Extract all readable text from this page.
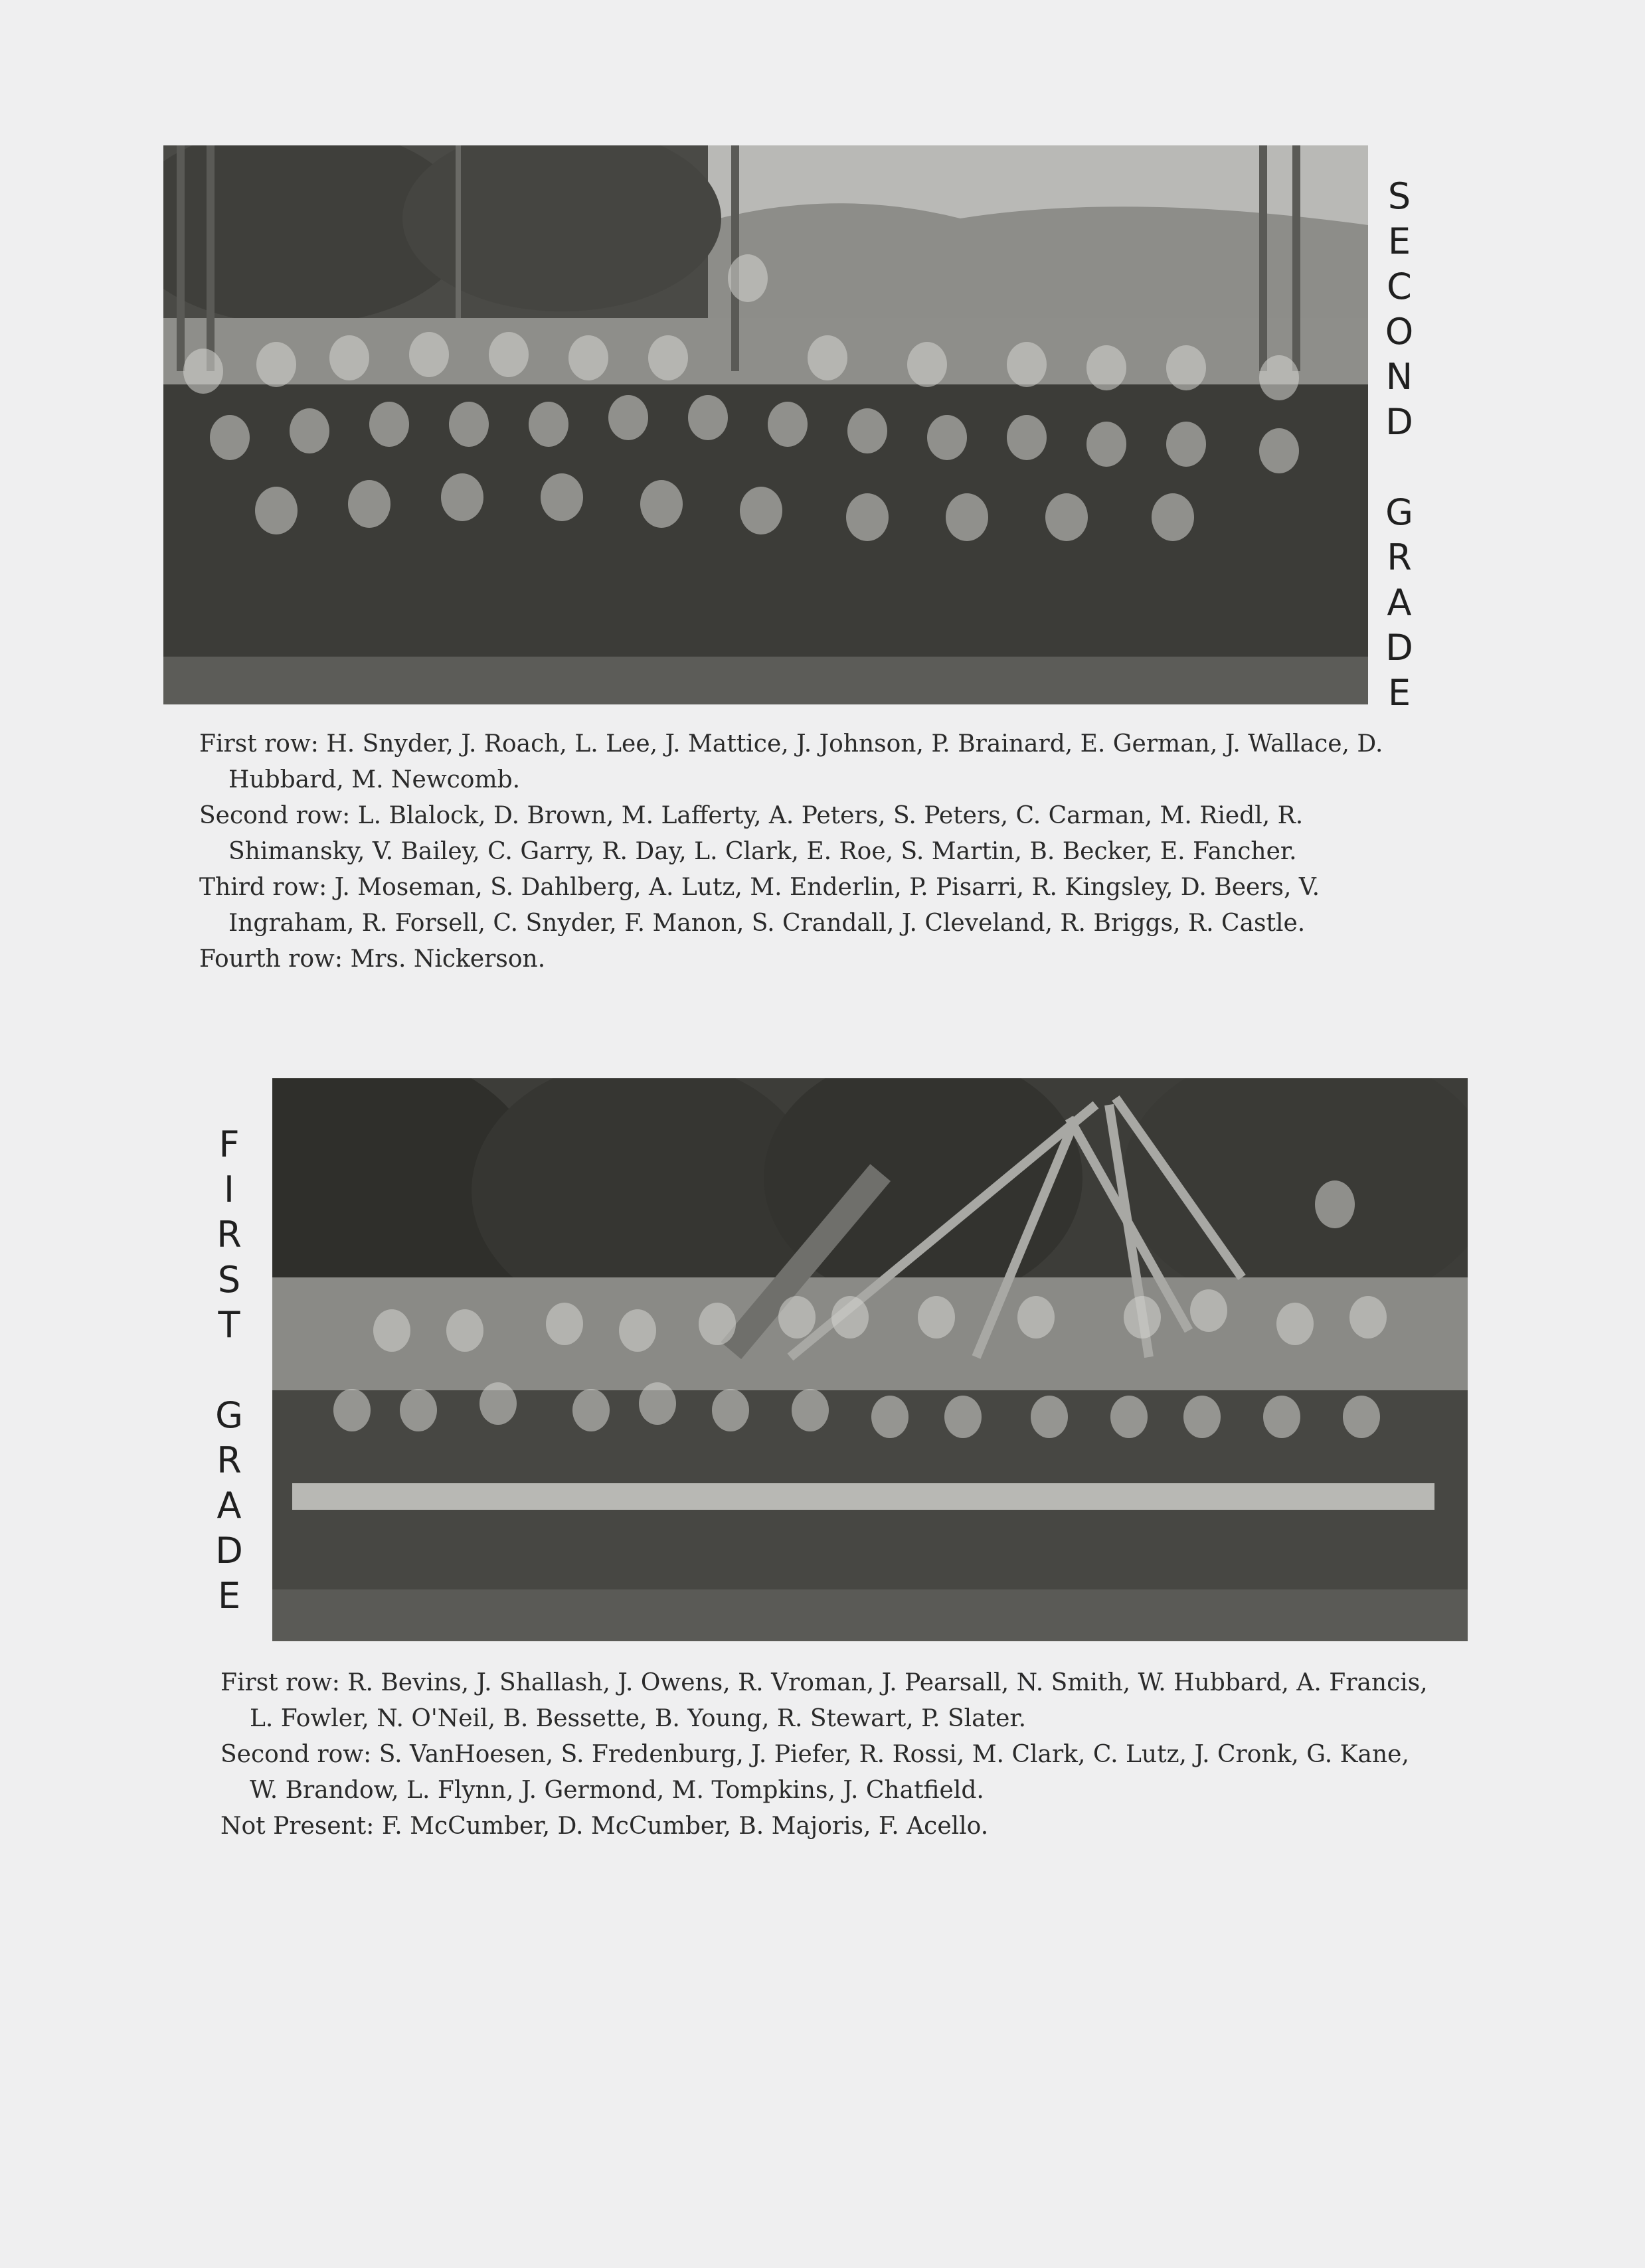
S
E
C
O
N
D
G
R
A
D
E
First row: H. Snyder, J. Roach, L. Lee, J. Mattice, J. Johnson, P. Brainard, E. German, J. Wallace, D. Hubbard, M. Newcomb.
Second row: L. Blalock, D. Brown, M. Lafferty, A. Peters, S. Peters, C. Carman, M. Riedl, R. Shimansky, V. Bailey, C. Garry, R. Day, L. Clark, E. Roe, S. Martin, B. Becker, E. Fancher.
Third row: J. Moseman, S. Dahlberg, A. Lutz, M. Enderlin, P. Pisarri, R. Kingsley, D. Beers, V. Ingraham, R. Forsell, C. Snyder, F. Manon, S. Crandall, J. Cleveland, R. Briggs, R. Castle.
Fourth row: Mrs. Nickerson.
F
I
R
S
T
G
R
A
D
E
First row: R. Bevins, J. Shallash, J. Owens, R. Vroman, J. Pearsall, N. Smith, W. Hubbard, A. Francis, L. Fowler, N. O'Neil, B. Bessette, B. Young, R. Stewart, P. Slater.
Second row: S. VanHoesen, S. Fredenburg, J. Piefer, R. Rossi, M. Clark, C. Lutz, J. Cronk, G. Kane, W. Brandow, L. Flynn, J. Germond, M. Tompkins, J. Chatfield.
Not Present: F. McCumber, D. McCumber, B. Majoris, F. Acello.
